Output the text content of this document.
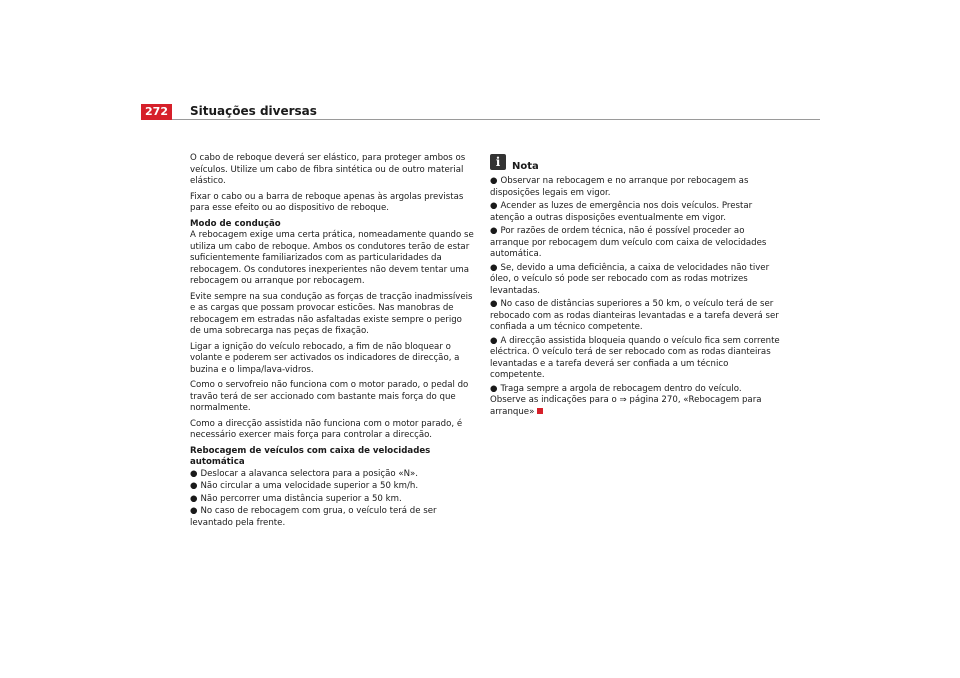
272	Situações diversas

O cabo de reboque deverá ser elástico, para proteger ambos os veículos. Utilize um cabo de fibra sintética ou de outro material elástico.

Fixar o cabo ou a barra de reboque apenas às argolas previstas para esse efeito ou ao dispositivo de reboque.

Modo de condução

A rebocagem exige uma certa prática, nomeadamente quando se utiliza um cabo de reboque. Ambos os condutores terão de estar suficientemente familiarizados com as particularidades da rebocagem. Os condutores inexperientes não devem tentar uma rebocagem ou arranque por rebocagem.

Evite sempre na sua condução as forças de tracção inadmissíveis e as cargas que possam provocar esticões. Nas manobras de rebocagem em estradas não asfaltadas existe sempre o perigo de uma sobrecarga nas peças de fixação.

Ligar a ignição do veículo rebocado, a fim de não bloquear o volante e poderem ser activados os indicadores de direcção, a buzina e o limpa/lava-vidros.

Como o servofreio não funciona com o motor parado, o pedal do travão terá de ser accionado com bastante mais força do que normalmente.

Como a direcção assistida não funciona com o motor parado, é necessário exercer mais força para controlar a direcção.

Rebocagem de veículos com caixa de velocidades automática
● Deslocar a alavanca selectora para a posição «N».
● Não circular a uma velocidade superior a 50 km/h.
● Não percorrer uma distância superior a 50 km.
● No caso de rebocagem com grua, o veículo terá de ser levantado pela frente.
i	Nota
● Observar na rebocagem e no arranque por rebocagem as disposições legais em vigor.
● Acender as luzes de emergência nos dois veículos. Prestar atenção a outras disposições eventualmente em vigor.
● Por razões de ordem técnica, não é possível proceder ao arranque por rebocagem dum veículo com caixa de velocidades automática.
● Se, devido a uma deficiência, a caixa de velocidades não tiver óleo, o veículo só pode ser rebocado com as rodas motrizes levantadas.
● No caso de distâncias superiores a 50 km, o veículo terá de ser rebocado com as rodas dianteiras levantadas e a tarefa deverá ser confiada a um técnico competente.
● A direcção assistida bloqueia quando o veículo fica sem corrente eléctrica. O veículo terá de ser rebocado com as rodas dianteiras levantadas e a tarefa deverá ser confiada a um técnico competente.
● Traga sempre a argola de rebocagem dentro do veículo. Observe as indicações para o ⇒ página 270, «Rebocagem para arranque»
